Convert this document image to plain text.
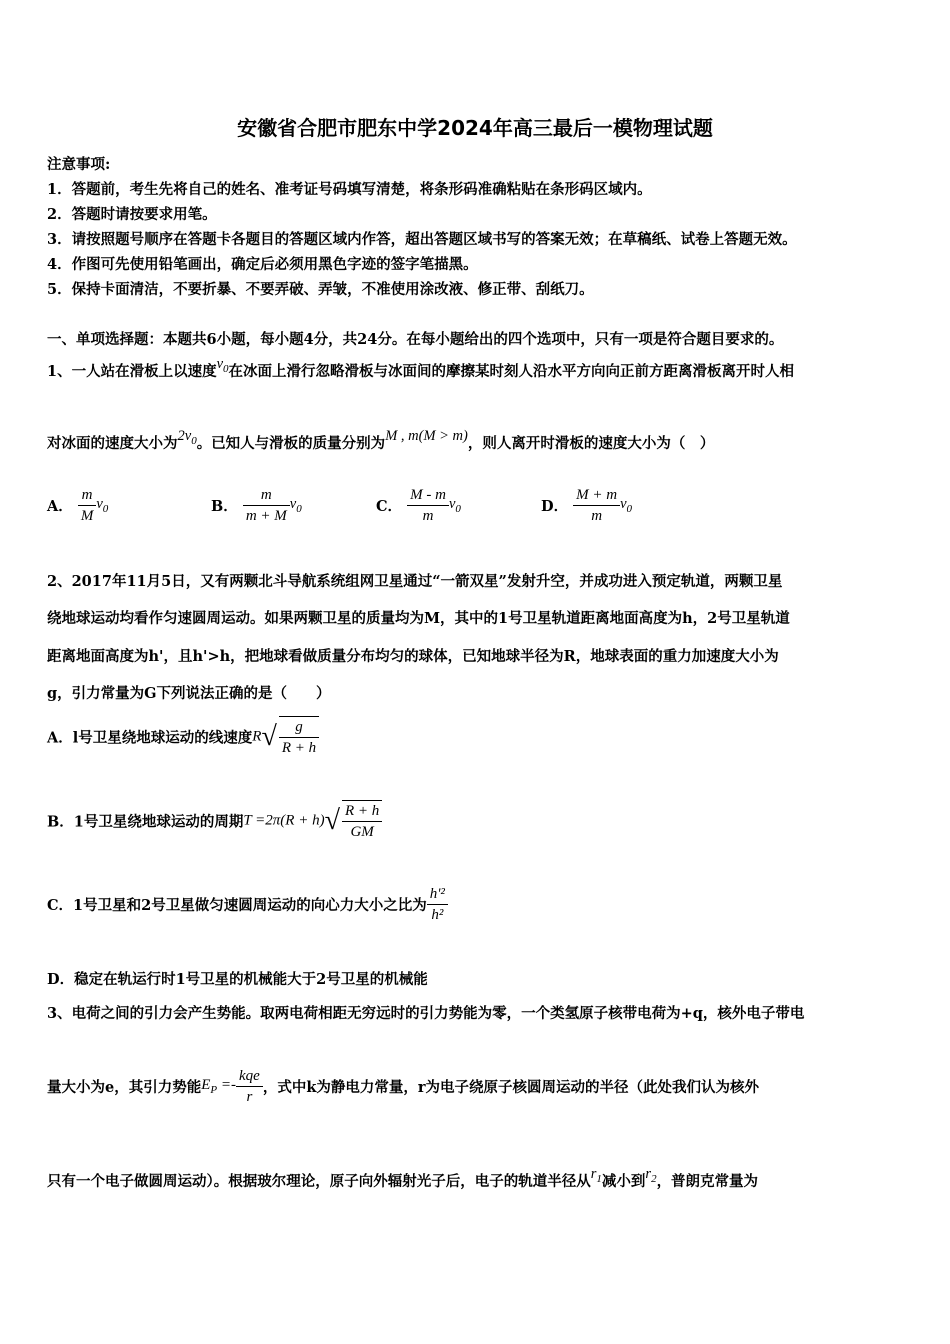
安徽省合肥市肥东中学2024年高三最后一模物理试题
注意事项:
1．答题前，考生先将自己的姓名、准考证号码填写清楚，将条形码准确粘贴在条形码区域内。
2．答题时请按要求用笔。
3．请按照题号顺序在答题卡各题目的答题区域内作答，超出答题区域书写的答案无效；在草稿纸、试卷上答题无效。
4．作图可先使用铅笔画出，确定后必须用黑色字迹的签字笔描黑。
5．保持卡面清洁，不要折暴、不要弄破、弄皱，不准使用涂改液、修正带、刮纸刀。
一、单项选择题：本题共6小题，每小题4分，共24分。在每小题给出的四个选项中，只有一项是符合题目要求的。
1、一人站在滑板上以速度$v_0$在冰面上滑行忽略滑板与冰面间的摩擦某时刻人沿水平方向向正前方距离滑板离开时人相
对冰面的速度大小为$2v_0$。已知人与滑板的质量分别为M , m(M > m)，则人离开时滑板的速度大小为（　）
A． $\frac{m}{M} v_0$	B． $\frac{m}{m + M} v_0$	C． $\frac{M - m}{m} v_0$	D． $\frac{M + m}{m} v_0$
2、2017年11月5日，又有两颗北斗导航系统组网卫星通过“一箭双星”发射升空，并成功进入预定轨道，两颗卫星
绕地球运动均看作匀速圆周运动。如果两颗卫星的质量均为M，其中的1号卫星轨道距离地面高度为h，2号卫星轨道
距离地面高度为h'，且h'>h，把地球看做质量分布均匀的球体，已知地球半径为R，地球表面的重力加速度大小为
g，引力常量为G下列说法正确的是（　　）
A．l号卫星绕地球运动的线速度$R√ \frac{g}{R + h}$
B．1号卫星绕地球运动的周期$T =2\pi(R + h)√ \frac{R + h}{GM}$
C．1号卫星和2号卫星做匀速圆周运动的向心力大小之比为 $\frac{\text{h'²}}{\text{h²}}$
D．稳定在轨运行时1号卫星的机械能大于2号卫星的机械能
3、电荷之间的引力会产生势能。取两电荷相距无穷远时的引力势能为零，一个类氢原子核带电荷为+q，核外电子带电
量大小为e，其引力势能$E_P =- \frac{\text{kqe}}{r}$ ，式中k为静电力常量，r为电子绕原子核圆周运动的半径（此处我们认为核外
只有一个电子做圆周运动）。根据玻尔理论，原子向外辐射光子后，电子的轨道半径从$r_1$减小到$r_2$，普朗克常量为
